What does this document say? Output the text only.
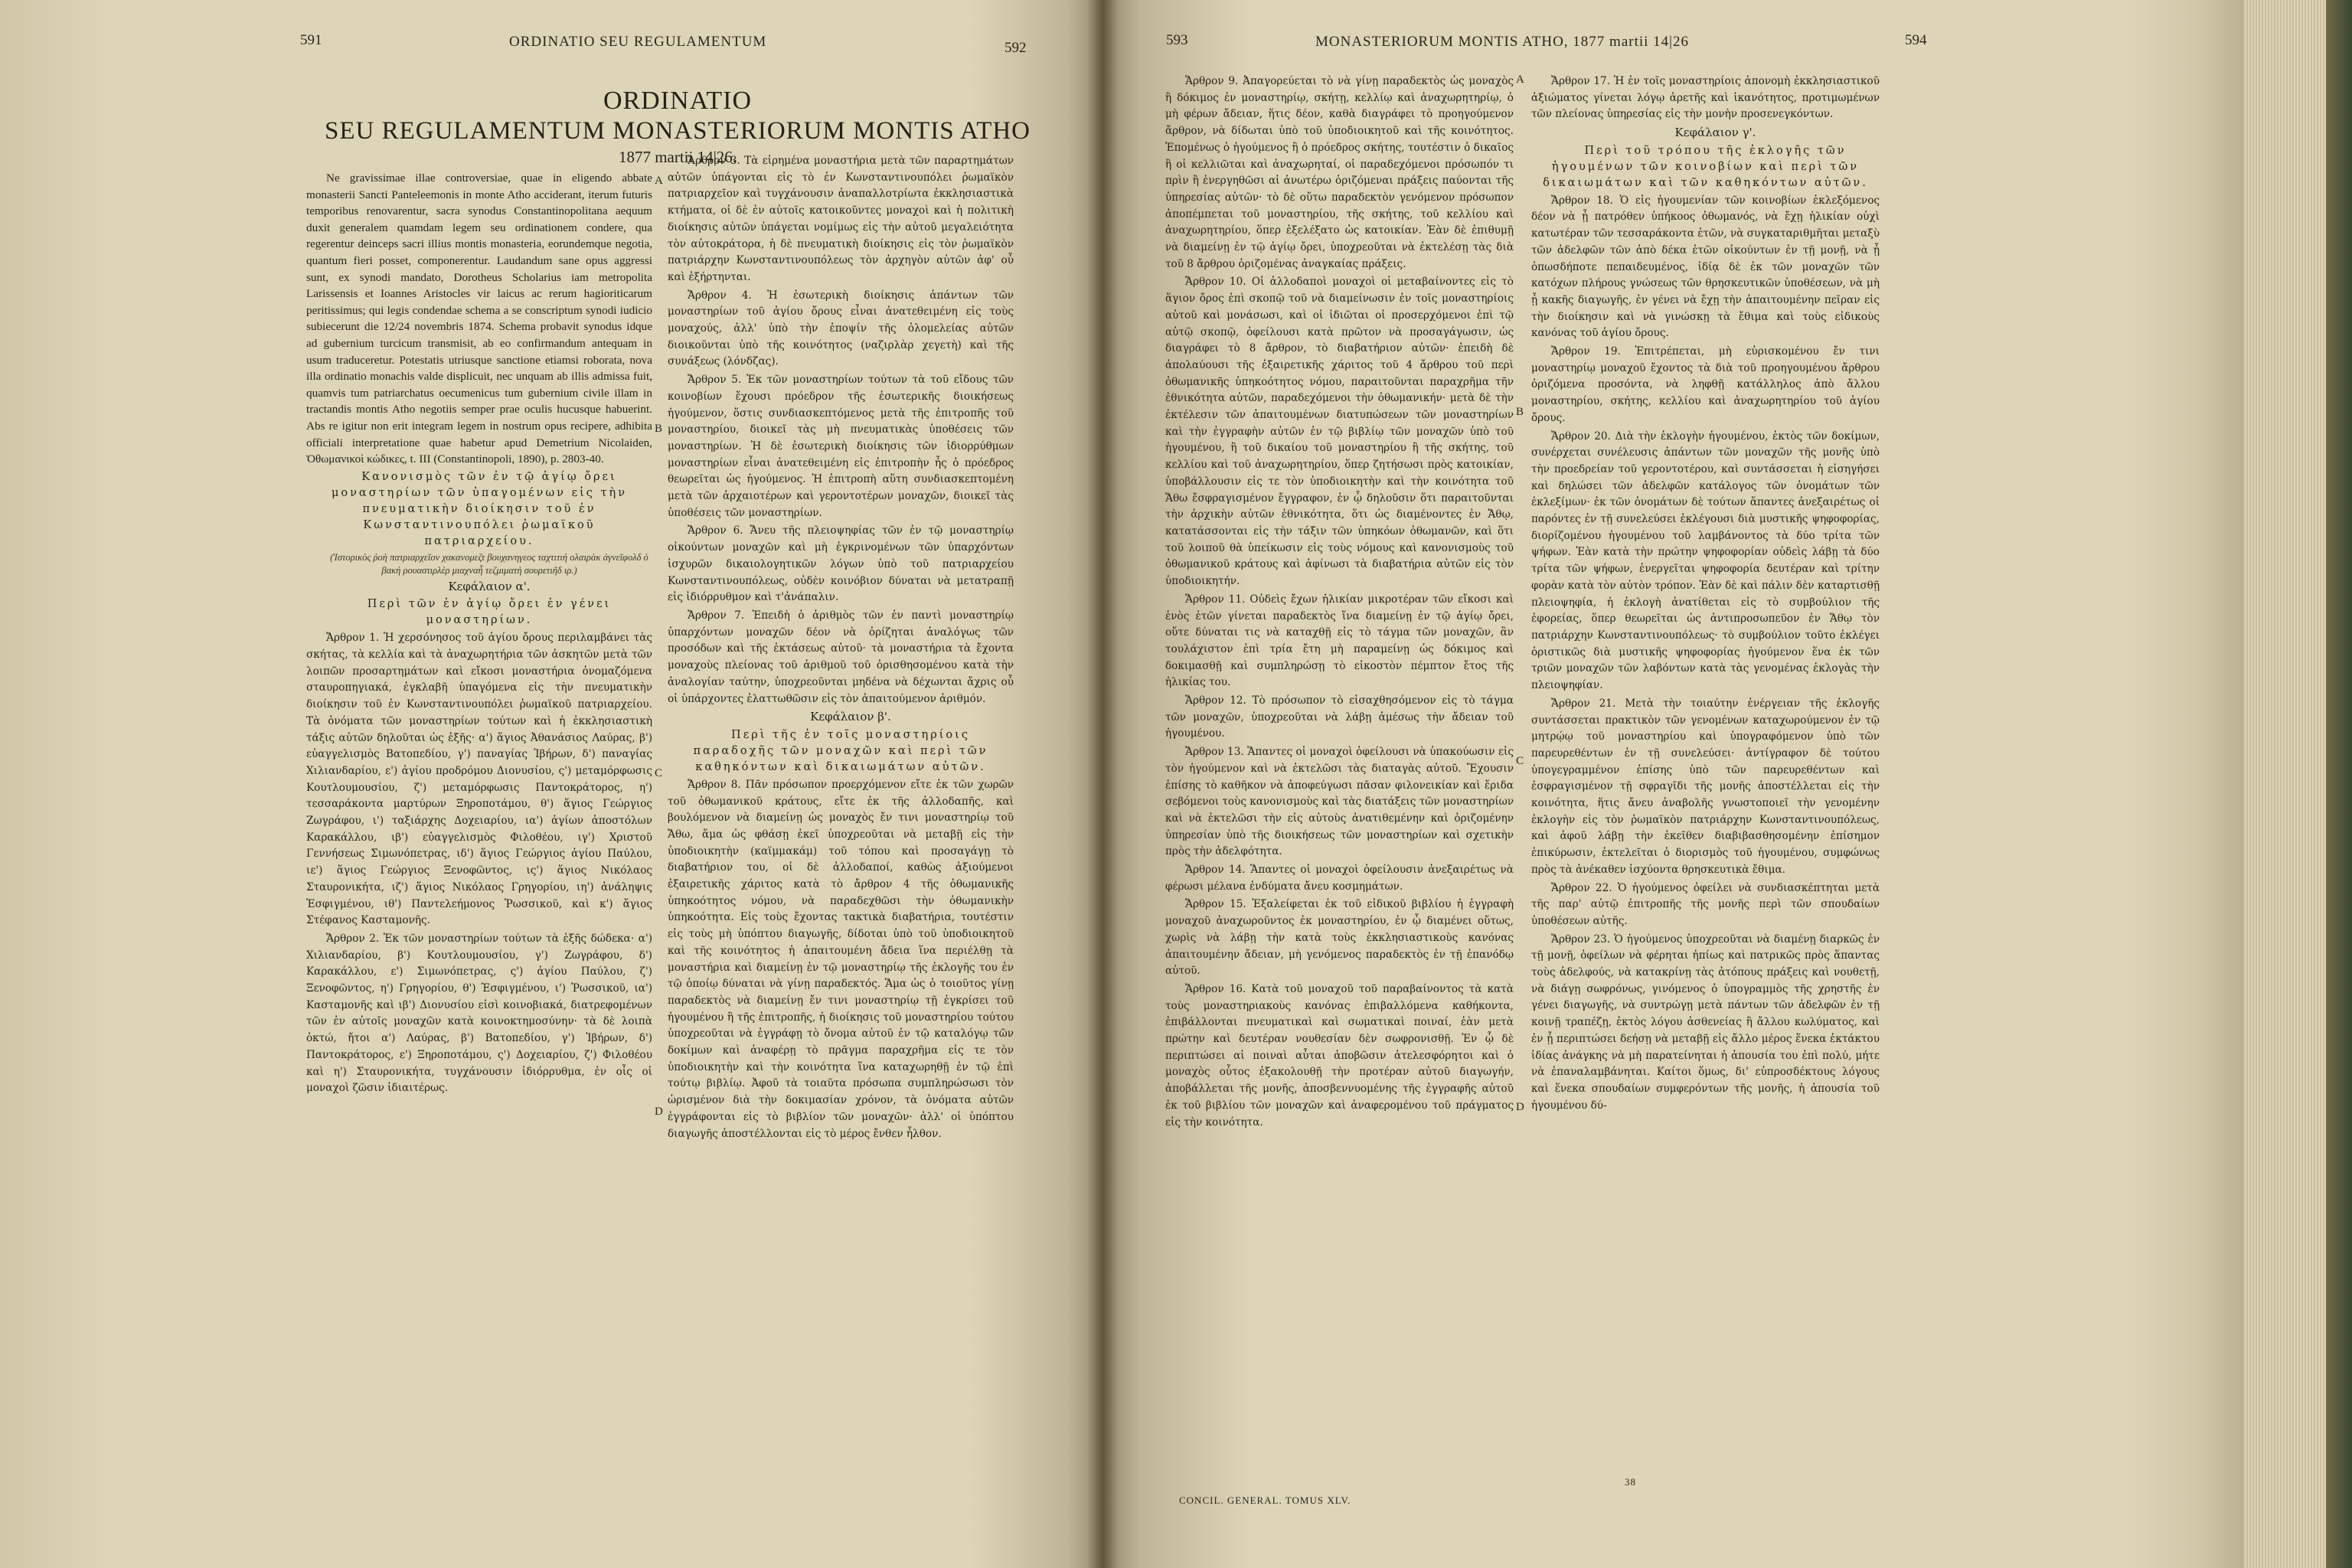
591	ORDINATIO SEU REGULAMENTUM	592
ORDINATIO
SEU REGULAMENTUM MONASTERIORUM MONTIS ATHO
1877 martii 14|26.

Ne gravissimae illae controversiae, quae in eligendo abbate monasterii Sancti Panteleemonis in monte Atho acciderant, iterum futuris temporibus renovarentur, sacra synodus Constantinopolitana aequum duxit generalem quamdam legem seu ordinationem condere, qua regerentur deinceps sacri illius montis monasteria, eorundemque negotia, quantum fieri posset, componerentur. Laudandum sane opus aggressi sunt, ex synodi mandato, Dorotheus Scholarius iam metropolita Larissensis et Ioannes Aristocles vir laicus ac rerum hagioriticarum peritissimus; qui legis condendae schema a se conscriptum synodi iudicio subiecerunt die 12/24 novembris 1874. Schema probavit synodus idque ad gubernium turcicum transmisit, ab eo confirmandum antequam in usum traduceretur. Potestatis utriusque sanctione etiamsi roborata, nova illa ordinatio monachis valde displicuit, nec unquam ab illis admissa fuit, quamvis tum patriarchatus oecumenicus tum gubernium civile illam in tractandis montis Atho negotiis semper prae oculis hucusque habuerint. Abs re igitur non erit integram legem in nostrum opus recipere, adhibita officiali interpretatione quae habetur apud Demetrium Nicolaiden, Ὀθωμανικοὶ κώδικες, t. III (Constantinopoli, 1890), p. 2803-40.

Κανονισμὸς τῶν ἐν τῷ ἁγίῳ ὄρει μοναστηρίων τῶν ὑπαγομένων εἰς τὴν πνευματικὴν διοίκησιν τοῦ ἐν Κωνσταντινουπόλει ῥωμαϊκοῦ πατριαρχείου.

(Ἱστορικὸς ῥοὴ πατριαρχεῖον χακανομεζτ βουχανηγεος ταχτιτιή ολαιρὰκ ἀγνεῖφολδ ὁ βακή ρουαστιρλὲρ μιαχναἦ τεζμιματὴ σουρετιῆδ ιρ.)

Κεφάλαιον α'.

Περὶ τῶν ἐν ἁγίῳ ὄρει ἐν γένει μοναστηρίων.

Ἄρθρον 1. Ἡ χερσόνησος τοῦ ἁγίου ὄρους περιλαμβάνει τὰς σκήτας, τὰ κελλία καὶ τὰ ἀναχωρητήρια τῶν ἀσκητῶν μετὰ τῶν λοιπῶν προσαρτημάτων καὶ εἴκοσι μοναστήρια ὀνομαζόμενα σταυροπηγιακά, ἐγκλαβῆ ὑπαγόμενα εἰς τὴν πνευματικὴν διοίκησιν τοῦ ἐν Κωνσταντινουπόλει ῥωμαϊκοῦ πατριαρχείου. Τὰ ὀνόματα τῶν μοναστηρίων τούτων καὶ ἡ ἐκκλησιαστικὴ τάξις αὐτῶν δηλοῦται ὡς ἑξῆς· α') ἅγιος Ἀθανάσιος Λαύρας, β') εὐαγγελισμὸς Βατοπεδίου, γ') παναγίας Ἰβήρων, δ') παναγίας Χιλιανδαρίου, ε') ἁγίου προδρόμου Διονυσίου, ς') μεταμόρφωσις Κουτλουμουσίου, ζ') μεταμόρφωσις Παντοκράτορος, η') τεσσαράκοντα μαρτύρων Ξηροποτάμου, θ') ἅγιος Γεώργιος Ζωγράφου, ι') ταξιάρχης Δοχειαρίου, ια') ἁγίων ἀποστόλων Καρακάλλου, ιβ') εὐαγγελισμὸς Φιλοθέου, ιγ') Χριστοῦ Γεννήσεως Σιμωνόπετρας, ιδ') ἅγιος Γεώργιος ἁγίου Παύλου, ιε') ἅγιος Γεώργιος Ξενοφῶντος, ις') ἅγιος Νικόλαος Σταυρονικήτα, ιζ') ἅγιος Νικόλαος Γρηγορίου, ιη') ἀνάληψις Ἐσφιγμένου, ιθ') Παντελεήμονος Ῥωσσικοῦ, καὶ κ') ἅγιος Στέφανος Κασταμονῆς.

Ἄρθρον 2. Ἐκ τῶν μοναστηρίων τούτων τὰ ἑξῆς δώδεκα· α') Χιλιανδαρίου, β') Κουτλουμουσίου, γ') Ζωγράφου, δ') Καρακάλλου, ε') Σιμωνόπετρας, ς') ἁγίου Παύλου, ζ') Ξενοφῶντος, η') Γρηγορίου, θ') Ἐσφιγμένου, ι') Ῥωσσικοῦ, ια') Κασταμονῆς καὶ ιβ') Διονυσίου εἰσὶ κοινοβιακά, διατρεφομένων τῶν ἐν αὐτοῖς μοναχῶν κατὰ κοινοκτημοσύνην· τὰ δὲ λοιπὰ ὀκτώ, ἤτοι α') Λαύρας, β') Βατοπεδίου, γ') Ἰβήρων, δ') Παντοκράτορος, ε') Ξηροποτάμου, ς') Δοχειαρίου, ζ') Φιλοθέου καὶ η') Σταυρονικήτα, τυγχάνουσιν ἰδιόρρυθμα, ἐν οἷς οἱ μοναχοὶ ζῶσιν ἰδιαιτέρως.

Ἄρθρον 3. Τὰ εἰρημένα μοναστήρια μετὰ τῶν παραρτημάτων αὐτῶν ὑπάγονται εἰς τὸ ἐν Κωνσταντινουπόλει ῥωμαϊκὸν πατριαρχεῖον καὶ τυγχάνουσιν ἀναπαλλοτρίωτα ἐκκλησιαστικὰ κτήματα, οἱ δὲ ἐν αὐτοῖς κατοικοῦντες μοναχοὶ καὶ ἡ πολιτικὴ διοίκησις αὐτῶν ὑπάγεται νομίμως εἰς τὴν αὐτοῦ μεγαλειότητα τὸν αὐτοκράτορα, ἡ δὲ πνευματικὴ διοίκησις εἰς τὸν ῥωμαϊκὸν πατριάρχην Κωνσταντινουπόλεως τὸν ἀρχηγὸν αὐτῶν ἀφ' οὗ καὶ ἐξήρτηνται.

Ἄρθρον 4. Ἡ ἐσωτερικὴ διοίκησις ἁπάντων τῶν μοναστηρίων τοῦ ἁγίου ὄρους εἶναι ἀνατεθειμένη εἰς τοὺς μοναχούς, ἀλλ' ὑπὸ τὴν ἐποψίν τῆς ὁλομελείας αὐτῶν διοικοῦνται ὑπὸ τῆς κοινότητος (ναζιρλὰρ χεγετὴ) καὶ τῆς συνάξεως (λόνδζας).

Ἄρθρον 5. Ἐκ τῶν μοναστηρίων τούτων τὰ τοῦ εἴδους τῶν κοινοβίων ἔχουσι πρόεδρον τῆς ἐσωτερικῆς διοικήσεως ἡγούμενον, ὅστις συνδιασκεπτόμενος μετὰ τῆς ἐπιτροπῆς τοῦ μοναστηρίου, διοικεῖ τὰς μὴ πνευματικὰς ὑποθέσεις τῶν μοναστηρίων. Ἡ δὲ ἐσωτερικὴ διοίκησις τῶν ἰδιορρύθμων μοναστηρίων εἶναι ἀνατεθειμένη εἰς ἐπιτροπὴν ἧς ὁ πρόεδρος θεωρεῖται ὡς ἡγούμενος. Ἡ ἐπιτροπὴ αὕτη συνδιασκεπτομένη μετὰ τῶν ἀρχαιοτέρων καὶ γεροντοτέρων μοναχῶν, διοικεῖ τὰς ὑποθέσεις τῶν μοναστηρίων.

Ἄρθρον 6. Ἄνευ τῆς πλειοψηφίας τῶν ἐν τῷ μοναστηρίῳ οἰκούντων μοναχῶν καὶ μὴ ἐγκρινομένων τῶν ὑπαρχόντων ἰσχυρῶν δικαιολογητικῶν λόγων ὑπὸ τοῦ πατριαρχείου Κωνσταντινουπόλεως, οὐδὲν κοινόβιον δύναται νὰ μετατραπῇ εἰς ἰδιόρρυθμον καὶ τ'ἀνάπαλιν.

Ἄρθρον 7. Ἐπειδὴ ὁ ἀριθμὸς τῶν ἐν παντὶ μοναστηρίῳ ὑπαρχόντων μοναχῶν δέον νὰ ὁρίζηται ἀναλόγως τῶν προσόδων καὶ τῆς ἐκτάσεως αὐτοῦ· τὰ μοναστήρια τὰ ἔχοντα μοναχοὺς πλείονας τοῦ ἀριθμοῦ τοῦ ὁρισθησομένου κατὰ τὴν ἀναλογίαν ταύτην, ὑποχρεοῦνται μηδένα νὰ δέχωνται ἄχρις οὗ οἱ ὑπάρχοντες ἐλαττωθῶσιν εἰς τὸν ἀπαιτούμενον ἀριθμόν.

Κεφάλαιον β'.

Περὶ τῆς ἐν τοῖς μοναστηρίοις παραδοχῆς τῶν μοναχῶν καὶ περὶ τῶν καθηκόντων καὶ δικαιωμάτων αὐτῶν.

Ἄρθρον 8. Πᾶν πρόσωπον προερχόμενον εἴτε ἐκ τῶν χωρῶν τοῦ ὀθωμανικοῦ κράτους, εἴτε ἐκ τῆς ἀλλοδαπῆς, καὶ βουλόμενον νὰ διαμείνῃ ὡς μοναχὸς ἔν τινι μοναστηρίῳ τοῦ Ἄθω, ἅμα ὡς φθάσῃ ἐκεῖ ὑποχρεοῦται νὰ μεταβῇ εἰς τὴν ὑποδιοικητὴν (καϊμμακάμ) τοῦ τόπου καὶ προσαγάγῃ τὸ διαβατήριον του, οἱ δὲ ἀλλοδαποί, καθὼς ἀξιούμενοι ἐξαιρετικῆς χάριτος κατὰ τὸ ἄρθρον 4 τῆς ὀθωμανικῆς ὑπηκοότητος νόμου, νὰ παραδεχθῶσι τὴν ὀθωμανικὴν ὑπηκοότητα. Εἰς τοὺς ἔχοντας τακτικὰ διαβατήρια, τουτέστιν εἰς τοὺς μὴ ὑπόπτου διαγωγῆς, δίδοται ὑπὸ τοῦ ὑποδιοικητοῦ καὶ τῆς κοινότητος ἡ ἀπαιτουμένη ἄδεια ἵνα περιέλθῃ τὰ μοναστήρια καὶ διαμείνῃ ἐν τῷ μοναστηρίῳ τῆς ἐκλογῆς του ἐν τῷ ὁποίῳ δύναται νὰ γίνῃ παραδεκτός. Ἅμα ὡς ὁ τοιοῦτος γίνῃ παραδεκτὸς νὰ διαμείνῃ ἔν τινι μοναστηρίῳ τῇ ἐγκρίσει τοῦ ἡγουμένου ἢ τῆς ἐπιτροπῆς, ἡ διοίκησις τοῦ μοναστηρίου τούτου ὑποχρεοῦται νὰ ἐγγράφῃ τὸ ὄνομα αὐτοῦ ἐν τῷ καταλόγῳ τῶν δοκίμων καὶ ἀναφέρῃ τὸ πρᾶγμα παραχρῆμα εἰς τε τὸν ὑποδιοικητὴν καὶ τὴν κοινότητα ἵνα καταχωρηθῇ ἐν τῷ ἐπὶ τούτῳ βιβλίῳ. Ἀφοῦ τὰ τοιαῦτα πρόσωπα συμπληρώσωσι τὸν ὡρισμένον διὰ τὴν δοκιμασίαν χρόνον, τὰ ὀνόματα αὐτῶν ἐγγράφονται εἰς τὸ βιβλίον τῶν μοναχῶν· ἀλλ' οἱ ὑπόπτου διαγωγῆς ἀποστέλλονται εἰς τὸ μέρος ἔνθεν ἦλθον.

A
B
C
D
593	MONASTERIORUM MONTIS ATHO, 1877 martii 14|26	594

Ἄρθρον 9. Ἀπαγορεύεται τὸ νὰ γίνῃ παραδεκτὸς ὡς μοναχὸς ἢ δόκιμος ἐν μοναστηρίῳ, σκήτῃ, κελλίῳ καὶ ἀναχωρητηρίῳ, ὁ μὴ φέρων ἄδειαν, ἥτις δέον, καθὰ διαγράφει τὸ προηγούμενον ἄρθρον, νὰ δίδωται ὑπὸ τοῦ ὑποδιοικητοῦ καὶ τῆς κοινότητος. Ἐπομένως ὁ ἡγούμενος ἢ ὁ πρόεδρος σκήτης, τουτέστιν ὁ δικαῖος ἢ οἱ κελλιῶται καὶ ἀναχωρηταί, οἱ παραδεχόμενοι πρόσωπόν τι πρὶν ἢ ἐνεργηθῶσι αἱ ἀνωτέρω ὁριζόμεναι πράξεις παύονται τῆς ὑπηρεσίας αὐτῶν· τὸ δὲ οὕτω παραδεκτὸν γενόμενον πρόσωπον ἀποπέμπεται τοῦ μοναστηρίου, τῆς σκήτης, τοῦ κελλίου καὶ ἀναχωρητηρίου, ὅπερ ἐξελέξατο ὡς κατοικίαν. Ἐὰν δὲ ἐπιθυμῇ νὰ διαμείνῃ ἐν τῷ ἁγίῳ ὄρει, ὑποχρεοῦται νὰ ἐκτελέσῃ τὰς διὰ τοῦ 8 ἄρθρου ὁριζομένας ἀναγκαίας πράξεις.

Ἄρθρον 10. Οἱ ἀλλοδαποὶ μοναχοὶ οἱ μεταβαίνοντες εἰς τὸ ἅγιον ὄρος ἐπὶ σκοπῷ τοῦ νὰ διαμείνωσιν ἐν τοῖς μοναστηρίοις αὐτοῦ καὶ μονάσωσι, καὶ οἱ ἰδιῶται οἱ προσερχόμενοι ἐπὶ τῷ αὐτῷ σκοπῷ, ὀφείλουσι κατὰ πρῶτον νὰ προσαγάγωσιν, ὡς διαγράφει τὸ 8 ἄρθρον, τὸ διαβατήριον αὐτῶν· ἐπειδὴ δὲ ἀπολαύουσι τῆς ἐξαιρετικῆς χάριτος τοῦ 4 ἄρθρου τοῦ περὶ ὀθωμανικῆς ὑπηκοότητος νόμου, παραιτοῦνται παραχρῆμα τῆν ἐθνικότητα αὐτῶν, παραδεχόμενοι τὴν ὀθωμανικήν· μετὰ δὲ τὴν ἐκτέλεσιν τῶν ἀπαιτουμένων διατυπώσεων τῶν μοναστηρίων καὶ τὴν ἐγγραφὴν αὐτῶν ἐν τῷ βιβλίῳ τῶν μοναχῶν ὑπὸ τοῦ ἡγουμένου, ἢ τοῦ δικαίου τοῦ μοναστηρίου ἢ τῆς σκήτης, τοῦ κελλίου καὶ τοῦ ἀναχωρητηρίου, ὅπερ ζητήσωσι πρὸς κατοικίαν, ὑποβάλλουσιν εἰς τε τὸν ὑποδιοικητὴν καὶ τὴν κοινότητα τοῦ Ἄθω ἔσφραγισμένον ἔγγραφον, ἐν ᾧ δηλοῦσιν ὅτι παραιτοῦνται τὴν ἀρχικὴν αὐτῶν ἐθνικότητα, ὅτι ὡς διαμένοντες ἐν Ἄθῳ, κατατάσσονται εἰς τὴν τάξιν τῶν ὑπηκόων ὀθωμανῶν, καὶ ὅτι τοῦ λοιποῦ θὰ ὑπείκωσιν εἰς τοὺς νόμους καὶ κανονισμοὺς τοῦ ὀθωμανικοῦ κράτους καὶ ἀφίνωσι τὰ διαβατήρια αὐτῶν εἰς τὸν ὑποδιοικητήν.

Ἄρθρον 11. Οὐδεὶς ἔχων ἡλικίαν μικροτέραν τῶν εἴκοσι καὶ ἑνὸς ἐτῶν γίνεται παραδεκτὸς ἵνα διαμείνῃ ἐν τῷ ἁγίῳ ὄρει, οὔτε δύναται τις νὰ καταχθῇ εἰς τὸ τάγμα τῶν μοναχῶν, ἂν τουλάχιστον ἐπὶ τρία ἔτη μὴ παραμείνῃ ὡς δόκιμος καὶ δοκιμασθῇ καὶ συμπληρώσῃ τὸ εἰκοστὸν πέμπτον ἔτος τῆς ἡλικίας του.

Ἄρθρον 12. Τὸ πρόσωπον τὸ εἰσαχθησόμενον εἰς τὸ τάγμα τῶν μοναχῶν, ὑποχρεοῦται νὰ λάβῃ ἀμέσως τὴν ἄδειαν τοῦ ἡγουμένου.

Ἄρθρον 13. Ἅπαντες οἱ μοναχοὶ ὀφείλουσι νὰ ὑπακούωσιν εἰς τὸν ἡγούμενον καὶ νὰ ἐκτελῶσι τὰς διαταγὰς αὐτοῦ. Ἔχουσιν ἐπίσης τὸ καθῆκον νὰ ἀποφεύγωσι πᾶσαν φιλονεικίαν καὶ ἔριδα σεβόμενοι τοὺς κανονισμοὺς καὶ τὰς διατάξεις τῶν μοναστηρίων καὶ νὰ ἐκτελῶσι τὴν εἰς αὐτοὺς ἀνατιθεμένην καὶ ὁριζομένην ὑπηρεσίαν ὑπὸ τῆς διοικήσεως τῶν μοναστηρίων καὶ σχετικὴν πρὸς τὴν ἀδελφότητα.

Ἄρθρον 14. Ἅπαντες οἱ μοναχοὶ ὀφείλουσιν ἀνεξαιρέτως νὰ φέρωσι μέλανα ἐνδύματα ἄνευ κοσμημάτων.

Ἄρθρον 15. Ἐξαλείφεται ἐκ τοῦ εἰδικοῦ βιβλίου ἡ ἐγγραφὴ μοναχοῦ ἀναχωροῦντος ἐκ μοναστηρίου, ἐν ᾧ διαμένει οὕτως, χωρὶς νὰ λάβῃ τὴν κατὰ τοὺς ἐκκλησιαστικοὺς κανόνας ἀπαιτουμένην ἄδειαν, μὴ γενόμενος παραδεκτὸς ἐν τῇ ἐπανόδῳ αὐτοῦ.

Ἄρθρον 16. Κατὰ τοῦ μοναχοῦ τοῦ παραβαίνοντος τὰ κατὰ τοὺς μοναστηριακοὺς κανόνας ἐπιβαλλόμενα καθήκοντα, ἐπιβάλλονται πνευματικαὶ καὶ σωματικαὶ ποιναί, ἐὰν μετὰ πρώτην καὶ δευτέραν νουθεσίαν δὲν σωφρονισθῇ. Ἐν ᾧ δὲ περιπτώσει αἱ ποιναὶ αὗται ἀποβῶσιν ἀτελεσφόρητοι καὶ ὁ μοναχὸς οὗτος ἐξακολουθῇ τὴν προτέραν αὐτοῦ διαγωγήν, ἀποβάλλεται τῆς μονῆς, ἀποσβεννυομένης τῆς ἐγγραφῆς αὐτοῦ ἐκ τοῦ βιβλίου τῶν μοναχῶν καὶ ἀναφερομένου τοῦ πράγματος εἰς τὴν κοινότητα.

Ἄρθρον 17. Ἡ ἐν τοῖς μοναστηρίοις ἀπονομὴ ἐκκλησιαστικοῦ ἀξιώματος γίνεται λόγῳ ἀρετῆς καὶ ἱκανότητος, προτιμωμένων τῶν πλείονας ὑπηρεσίας εἰς τὴν μονὴν προσενεγκόντων.

Κεφάλαιον γ'.

Περὶ τοῦ τρόπου τῆς ἐκλογῆς τῶν ἡγουμένων τῶν κοινοβίων καὶ περὶ τῶν δικαιωμάτων καὶ τῶν καθηκόντων αὐτῶν.

Ἄρθρον 18. Ὁ εἰς ἡγουμενίαν τῶν κοινοβίων ἐκλεξόμενος δέον νὰ ᾖ πατρόθεν ὑπήκοος ὀθωμανός, νὰ ἔχῃ ἡλικίαν οὐχὶ κατωτέραν τῶν τεσσαράκοντα ἐτῶν, νὰ συγκαταριθμῆται μεταξὺ τῶν ἀδελφῶν τῶν ἀπὸ δέκα ἐτῶν οἰκούντων ἐν τῇ μονῇ, νὰ ᾖ ὁπωσδήποτε πεπαιδευμένος, ἰδίᾳ δὲ ἐκ τῶν μοναχῶν τῶν κατόχων πλήρους γνώσεως τῶν θρησκευτικῶν ὑποθέσεων, νὰ μὴ ᾖ κακῆς διαγωγῆς, ἐν γένει νὰ ἔχῃ τὴν ἀπαιτουμένην πεῖραν εἰς τὴν διοίκησιν καὶ νὰ γινώσκῃ τὰ ἔθιμα καὶ τοὺς εἰδικοὺς κανόνας τοῦ ἁγίου ὄρους.

Ἄρθρον 19. Ἐπιτρέπεται, μὴ εὑρισκομένου ἔν τινι μοναστηρίῳ μοναχοῦ ἔχοντος τὰ διὰ τοῦ προηγουμένου ἄρθρου ὁριζόμενα προσόντα, νὰ ληφθῇ κατάλληλος ἀπὸ ἄλλου μοναστηρίου, σκήτης, κελλίου καὶ ἀναχωρητηρίου τοῦ ἁγίου ὄρους.

Ἄρθρον 20. Διὰ τὴν ἐκλογὴν ἡγουμένου, ἐκτὸς τῶν δοκίμων, συνέρχεται συνέλευσις ἁπάντων τῶν μοναχῶν τῆς μονῆς ὑπὸ τὴν προεδρείαν τοῦ γεροντοτέρου, καὶ συντάσσεται ἡ εἰσηγήσει καὶ δηλώσει τῶν ἀδελφῶν κατάλογος τῶν ὀνομάτων τῶν ἐκλεξίμων· ἐκ τῶν ὀνομάτων δὲ τούτων ἅπαντες ἀνεξαιρέτως οἱ παρόντες ἐν τῇ συνελεύσει ἐκλέγουσι διὰ μυστικῆς ψηφοφορίας, διορίζομένου ἡγουμένου τοῦ λαμβάνοντος τὰ δύο τρίτα τῶν ψήφων. Ἐὰν κατὰ τὴν πρώτην ψηφοφορίαν οὐδεὶς λάβῃ τὰ δύο τρίτα τῶν ψήφων, ἐνεργεῖται ψηφοφορία δευτέραν καὶ τρίτην φορὰν κατὰ τὸν αὐτὸν τρόπον. Ἐὰν δὲ καὶ πάλιν δὲν καταρτισθῇ πλειοψηφία, ἡ ἐκλογὴ ἀνατίθεται εἰς τὸ συμβούλιον τῆς ἐφορείας, ὅπερ θεωρεῖται ὡς ἀντιπροσωπεῦον ἐν Ἄθῳ τὸν πατριάρχην Κωνσταντινουπόλεως· τὸ συμβούλιον τοῦτο ἐκλέγει ὁριστικῶς διὰ μυστικῆς ψηφοφορίας ἡγούμενον ἕνα ἐκ τῶν τριῶν μοναχῶν τῶν λαβόντων κατὰ τὰς γενομένας ἐκλογὰς τὴν πλειοψηφίαν.

Ἄρθρον 21. Μετὰ τὴν τοιαύτην ἐνέργειαν τῆς ἐκλογῆς συντάσσεται πρακτικὸν τῶν γενομένων καταχωρούμενον ἐν τῷ μητρῴῳ τοῦ μοναστηρίου καὶ ὑπογραφόμενον ὑπὸ τῶν παρευρεθέντων ἐν τῇ συνελεύσει· ἀντίγραφον δὲ τούτου ὑπογεγραμμένον ἐπίσης ὑπὸ τῶν παρευρεθέντων καὶ ἐσφραγισμένον τῇ σφραγῖδι τῆς μονῆς ἀποστέλλεται εἰς τὴν κοινότητα, ἥτις ἄνευ ἀναβολῆς γνωστοποιεῖ τὴν γενομένην ἐκλογὴν εἰς τὸν ῥωμαϊκὸν πατριάρχην Κωνσταντινουπόλεως, καὶ ἀφοῦ λάβῃ τὴν ἐκεῖθεν διαβιβασθησομένην ἐπίσημον ἐπικύρωσιν, ἐκτελεῖται ὁ διορισμὸς τοῦ ἡγουμένου, συμφώνως πρὸς τὰ ἀνέκαθεν ἰσχύοντα θρησκευτικὰ ἔθιμα.

Ἄρθρον 22. Ὁ ἡγούμενος ὀφείλει νὰ συνδιασκέπτηται μετὰ τῆς παρ' αὐτῷ ἐπιτροπῆς τῆς μονῆς περὶ τῶν σπουδαίων ὑποθέσεων αὐτῆς.

Ἄρθρον 23. Ὁ ἡγούμενος ὑποχρεοῦται νὰ διαμένῃ διαρκῶς ἐν τῇ μονῇ, ὀφείλων νὰ φέρηται ἠπίως καὶ πατρικῶς πρὸς ἅπαντας τοὺς ἀδελφούς, νὰ κατακρίνῃ τὰς ἀτόπους πράξεις καὶ νουθετῇ, νὰ διάγῃ σωφρόνως, γινόμενος ὁ ὑπογραμμὸς τῆς χρηστῆς ἐν γένει διαγωγῆς, νὰ συντρώγῃ μετὰ πάντων τῶν ἀδελφῶν ἐν τῇ κοινῇ τραπέζῃ, ἐκτὸς λόγου ἀσθενείας ἢ ἄλλου κωλύματος, καὶ ἐν ᾗ περιπτώσει δεήσῃ νὰ μεταβῇ εἰς ἄλλο μέρος ἕνεκα ἐκτάκτου ἰδίας ἀνάγκης νὰ μὴ παρατείνηται ἡ ἀπουσία του ἐπὶ πολύ, μήτε νὰ ἐπαναλαμβάνηται. Καίτοι ὅμως, δι' εὐπροσδέκτους λόγους καὶ ἕνεκα σπουδαίων συμφερόντων τῆς μονῆς, ἡ ἀπουσία τοῦ ἡγουμένου δύ-

A
B
C
D
CONCIL. GENERAL. TOMUS XLV.
38
